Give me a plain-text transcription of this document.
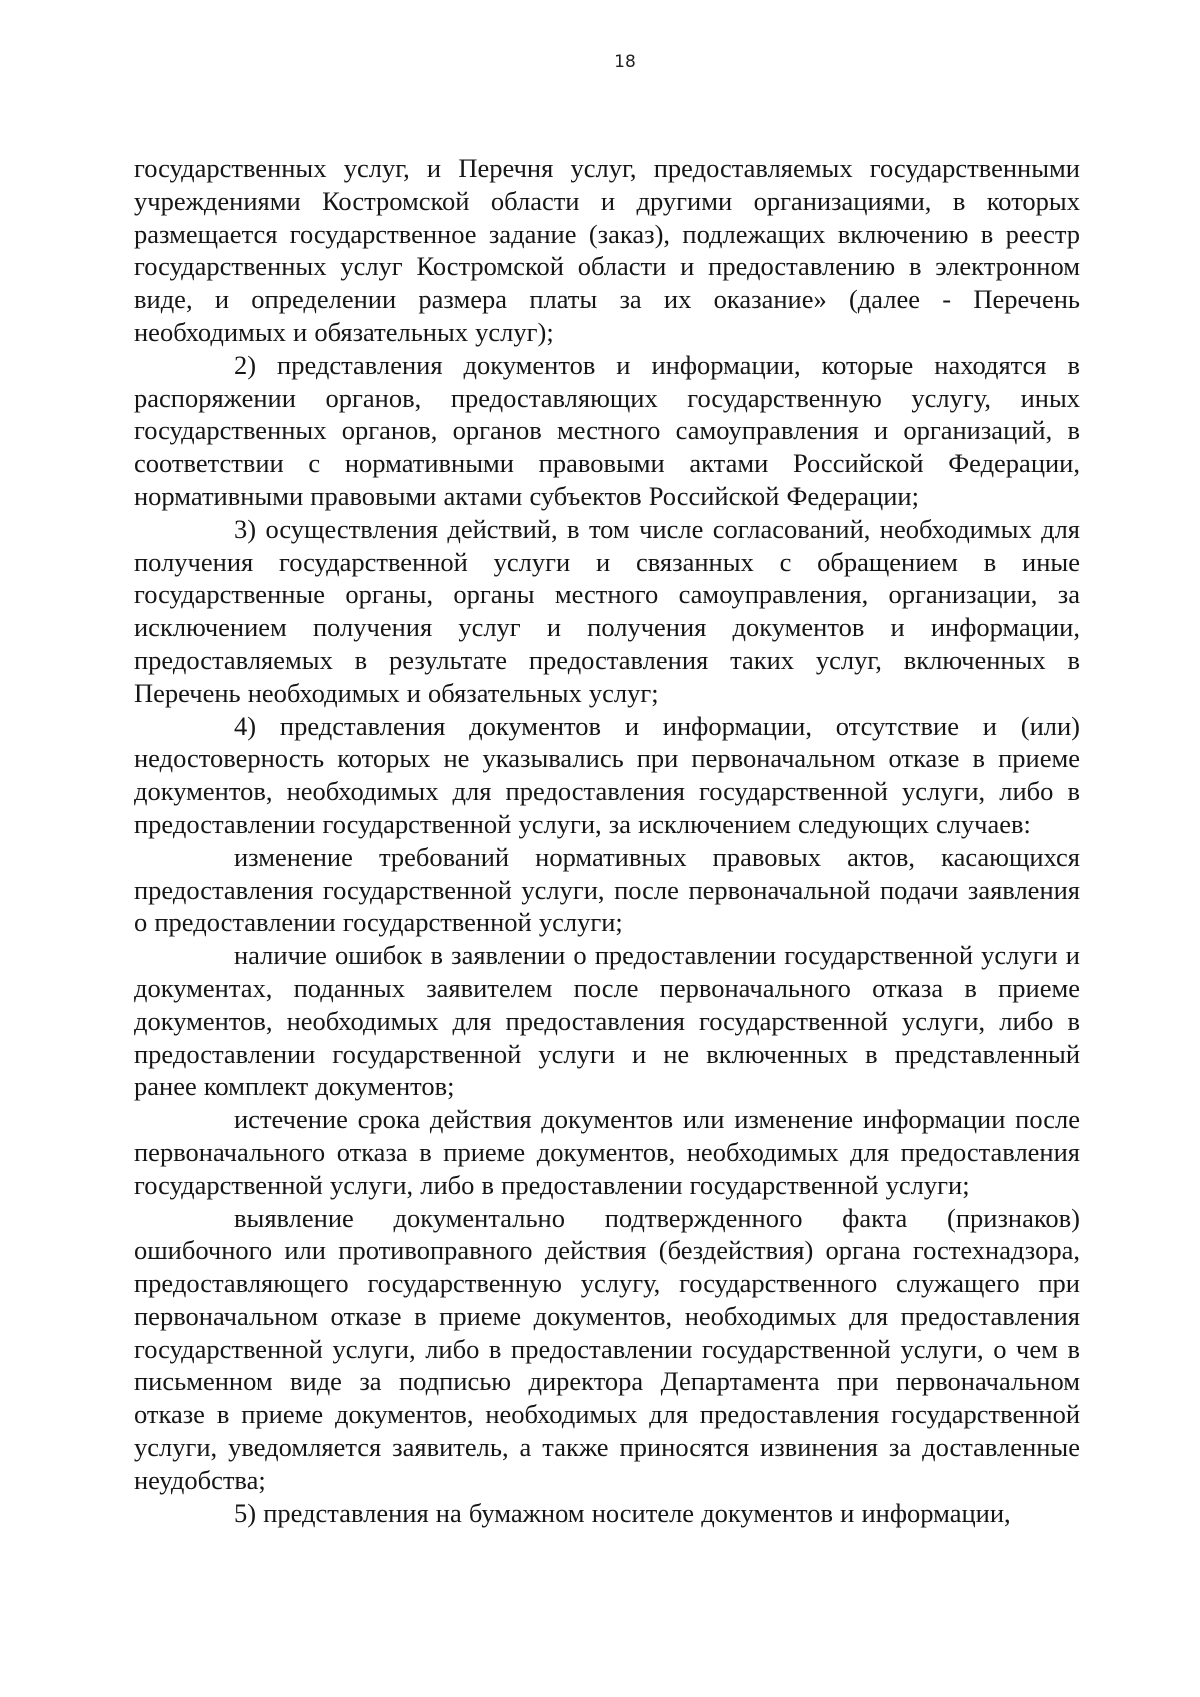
18

государственных услуг, и Перечня услуг, предоставляемых государственными учреждениями Костромской области и другими организациями, в которых размещается государственное задание (заказ), подлежащих включению в реестр государственных услуг Костромской области и предоставлению в электронном виде, и определении размера платы за их оказание» (далее - Перечень необходимых и обязательных услуг);

2) представления документов и информации, которые находятся в распоряжении органов, предоставляющих государственную услугу, иных государственных органов, органов местного самоуправления и организаций, в соответствии с нормативными правовыми актами Российской Федерации, нормативными правовыми актами субъектов Российской Федерации;

3) осуществления действий, в том числе согласований, необходимых для получения государственной услуги и связанных с обращением в иные государственные органы, органы местного самоуправления, организации, за исключением получения услуг и получения документов и информации, предоставляемых в результате предоставления таких услуг, включенных в Перечень необходимых и обязательных услуг;

4) представления документов и информации, отсутствие и (или) недостоверность которых не указывались при первоначальном отказе в приеме документов, необходимых для предоставления государственной услуги, либо в предоставлении государственной услуги, за исключением следующих случаев:

изменение требований нормативных правовых актов, касающихся предоставления государственной услуги, после первоначальной подачи заявления о предоставлении государственной услуги;

наличие ошибок в заявлении о предоставлении государственной услуги и документах, поданных заявителем после первоначального отказа в приеме документов, необходимых для предоставления государственной услуги, либо в предоставлении государственной услуги и не включенных в представленный ранее комплект документов;

истечение срока действия документов или изменение информации после первоначального отказа в приеме документов, необходимых для предоставления государственной услуги, либо в предоставлении государственной услуги;

выявление документально подтвержденного факта (признаков) ошибочного или противоправного действия (бездействия) органа гостехнадзора, предоставляющего государственную услугу, государственного служащего при первоначальном отказе в приеме документов, необходимых для предоставления государственной услуги, либо в предоставлении государственной услуги, о чем в письменном виде за подписью директора Департамента при первоначальном отказе в приеме документов, необходимых для предоставления государственной услуги, уведомляется заявитель, а также приносятся извинения за доставленные неудобства;

5) представления на бумажном носителе документов и информации,
